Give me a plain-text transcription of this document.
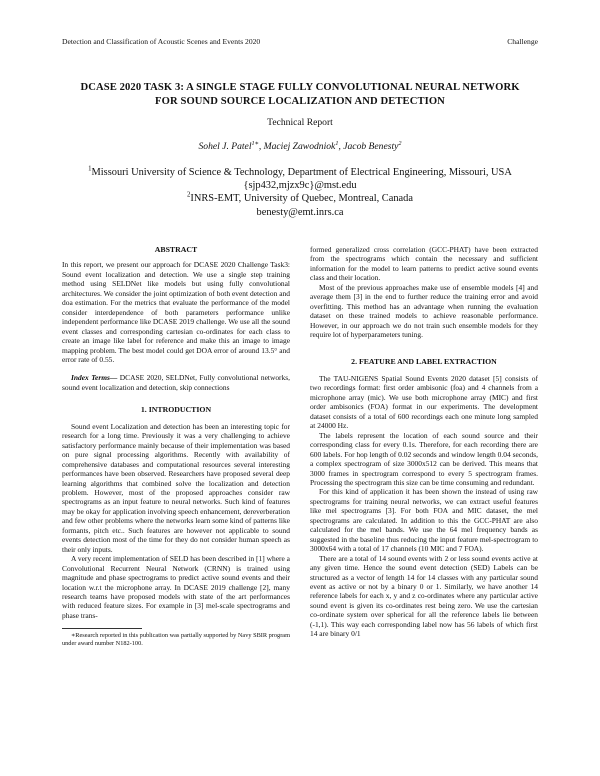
Detection and Classification of Acoustic Scenes and Events 2020	Challenge
DCASE 2020 TASK 3: A SINGLE STAGE FULLY CONVOLUTIONAL NEURAL NETWORK
FOR SOUND SOURCE LOCALIZATION AND DETECTION
Technical Report
Sohel J. Patel$^{1∗}$, Maciej Zawodniok$^1$, Jacob Benesty$^2$
$^1$Missouri University of Science & Technology, Department of Electrical Engineering, Missouri, USA
{sjp432,mjzx9c}@mst.edu
$^2$INRS-EMT, University of Quebec, Montreal, Canada
benesty@emt.inrs.ca
ABSTRACT

In this report, we present our approach for DCASE 2020 Challenge Task3: Sound event localization and detection. We use a single step training method using SELDNet like models but using fully convolutional architectures. We consider the joint optimization of both event detection and doa estimation. For the metrics that evaluate the performance of the model consider interdependence of both parameters performance unlike independent performance like DCASE 2019 challenge. We use all the sound event classes and corresponding cartesian co-ordinates for each class to create an image like label for reference and make this an image to image mapping problem. The best model could get DOA error of around 13.5° and error rate of 0.55.

Index Terms— DCASE 2020, SELDNet, Fully convolutional networks, sound event localization and detection, skip connections

1. INTRODUCTION

Sound event Localization and detection has been an interesting topic for research for a long time. Previously it was a very challenging to achieve satisfactory performance mainly because of their implementation was based on pure signal processing algorithms. Recently with availability of comprehensive databases and computational resources several interesting performances have been observed. Researchers have proposed several deep learning algorithms that combined solve the localization and detection problem. However, most of the proposed approaches consider raw spectrograms as an input feature to neural networks. Such kind of features may be okay for application involving speech enhancement, dereverberation and few other problems where the networks learn some kind of patterns like formants, pitch etc.. Such features are however not applicable to sound events detection most of the time for they do not consider human speech as their only inputs.

A very recent implementation of SELD has been described in [1] where a Convolutional Recurrent Neural Network (CRNN) is trained using magnitude and phase spectrograms to predict active sound events and their location w.r.t the microphone array. In DCASE 2019 challenge [2], many research teams have proposed models with state of the art performances with reduced feature sizes. For example in [3] mel-scale spectrograms and phase trans-

∗Research reported in this publication was partially supported by Navy SBIR program under award number N182-100.

formed generalized cross correlation (GCC-PHAT) have been extracted from the spectrograms which contain the necessary and sufficient information for the model to learn patterns to predict active sound events class and their location.

Most of the previous approaches make use of ensemble models [4] and average them [3] in the end to further reduce the training error and avoid overfitting. This method has an advantage when running the evaluation dataset on these trained models to achieve reasonable performance. However, in our approach we do not train such ensemble models for they require lot of hyperparameters tuning.

2. FEATURE AND LABEL EXTRACTION

The TAU-NIGENS Spatial Sound Events 2020 dataset [5] consists of two recordings format: first order ambisonic (foa) and 4 channels from a microphone array (mic). We use both microphone array (MIC) and first order ambisonics (FOA) format in our experiments. The development dataset consists of a total of 600 recordings each one minute long sampled at 24000 Hz.

The labels represent the location of each sound source and their corresponding class for every 0.1s. Therefore, for each recording there are 600 labels. For hop length of 0.02 seconds and window length 0.04 seconds, a complex spectrogram of size 3000x512 can be derived. This means that 3000 frames in spectrogram correspond to every 5 spectrogram frames. Processing the spectrogram this size can be time consuming and redundant.

For this kind of application it has been shown the instead of using raw spectrograms for training neural networks, we can extract useful features like mel spectrograms [3]. For both FOA and MIC dataset, the mel spectrograms are calculated. In addition to this the GCC-PHAT are also calculated for the mel bands. We use the 64 mel frequency bands as suggested in the baseline thus reducing the input feature mel-spectrogram to 3000x64 with a total of 17 channels (10 MIC and 7 FOA).

There are a total of 14 sound events with 2 or less sound events active at any given time. Hence the sound event detection (SED) Labels can be structured as a vector of length 14 for 14 classes with any particular sound event as active or not by a binary 0 or 1. Similarly, we have another 14 reference labels for each x, y and z co-ordinates where any particular active sound event is given its co-ordinates rest being zero. We use the cartesian co-ordinate system over spherical for all the reference labels lie between (-1,1). This way each corresponding label now has 56 labels of which first 14 are binary 0/1
